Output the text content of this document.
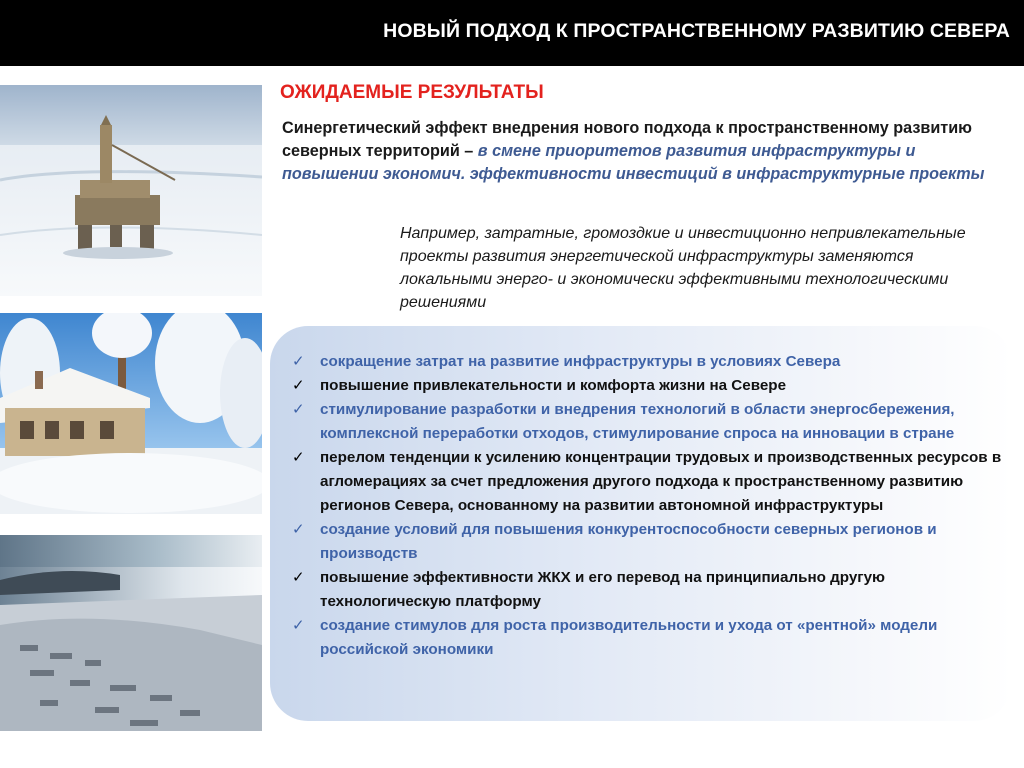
НОВЫЙ ПОДХОД К ПРОСТРАНСТВЕННОМУ РАЗВИТИЮ СЕВЕРА
ОЖИДАЕМЫЕ РЕЗУЛЬТАТЫ
Синергетический эффект внедрения нового подхода к пространственному развитию северных территорий – в смене приоритетов развития инфраструктуры и повышении экономич. эффективности инвестиций в инфраструктурные проекты
Например, затратные, громоздкие и инвестиционно непривлекательные проекты развития энергетической инфраструктуры заменяются локальными энерго- и экономически эффективными технологическими решениями
✓ сокращение затрат на развитие инфраструктуры в условиях Севера
✓ повышение привлекательности и комфорта жизни на Севере
✓ стимулирование разработки и внедрения технологий в области энергосбережения, комплексной переработки отходов, стимулирование спроса на инновации в стране
✓ перелом тенденции к усилению концентрации трудовых и производственных ресурсов в агломерациях за счет предложения другого подхода к пространственному развитию регионов Севера, основанному на развитии автономной инфраструктуры
✓ создание условий для повышения конкурентоспособности северных регионов и производств
✓ повышение эффективности ЖКХ и его перевод на принципиально другую технологическую платформу
✓ создание стимулов для роста производительности и ухода от «рентной» модели российской экономики
